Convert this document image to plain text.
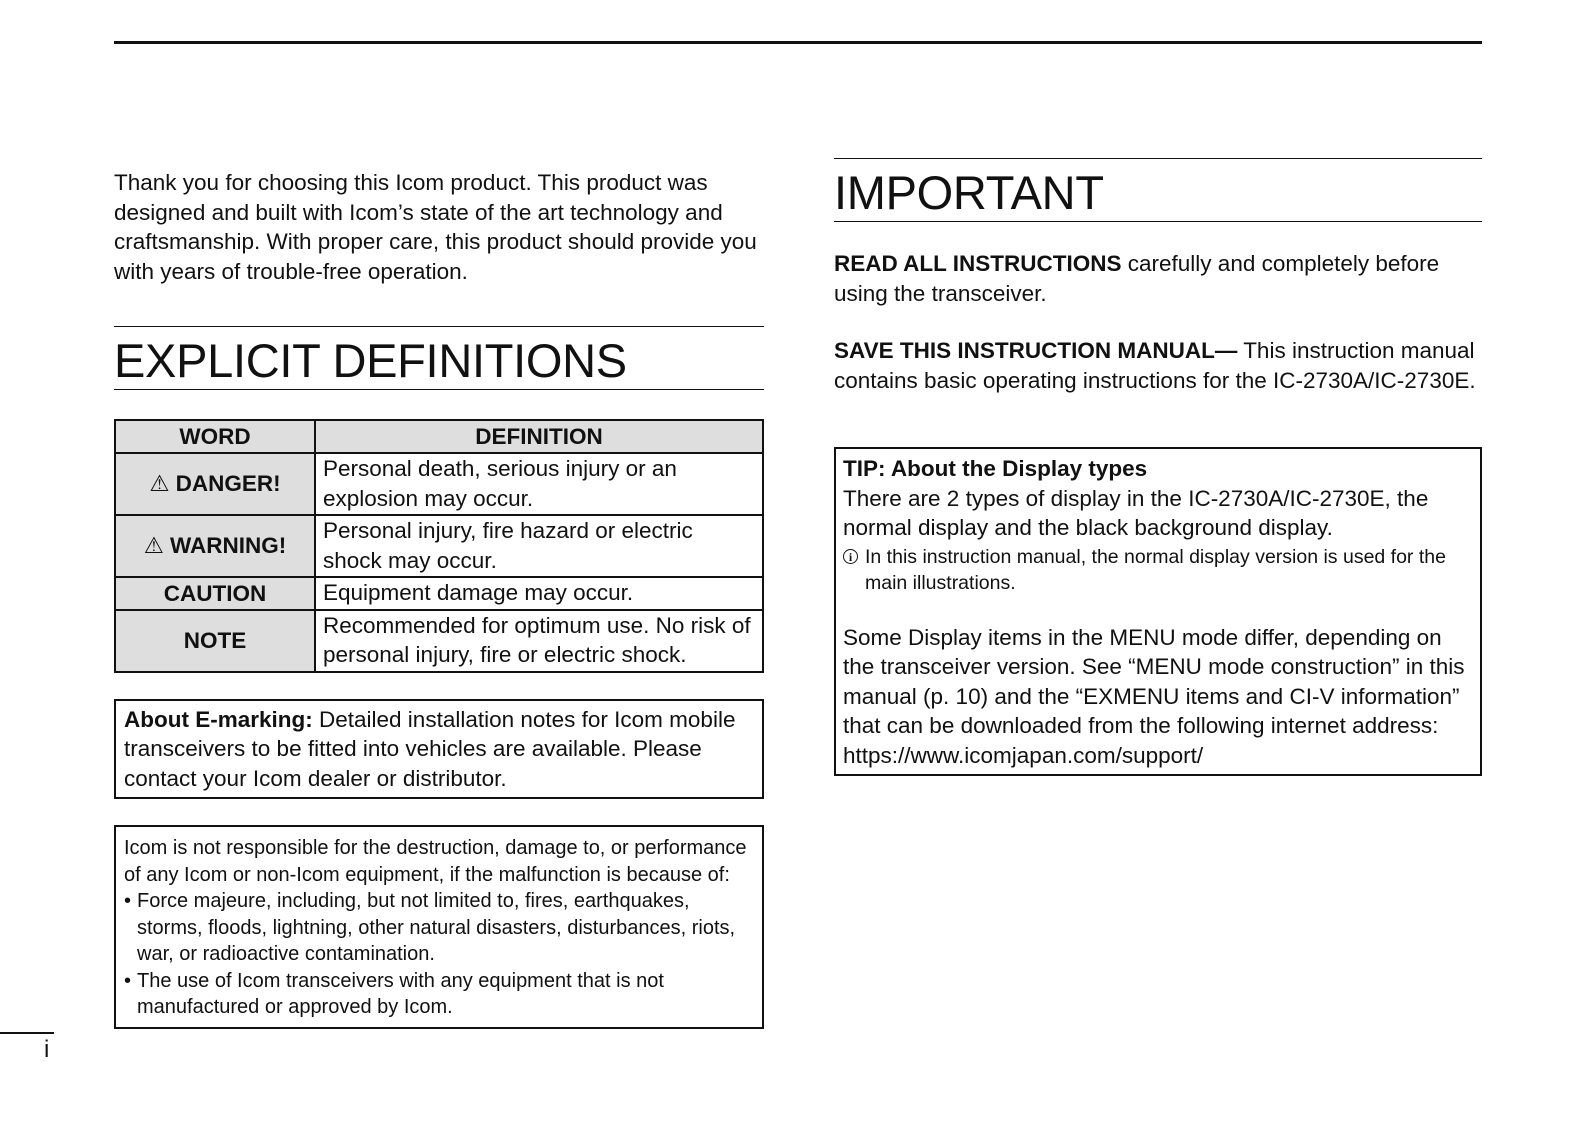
Thank you for choosing this Icom product. This product was designed and built with Icom’s state of the art technology and craftsmanship. With proper care, this product should provide you with years of trouble-free operation.

EXPLICIT DEFINITIONS
WORD	DEFINITION
⚠ DANGER!	Personal death, serious injury or an explosion may occur.
⚠ WARNING!	Personal injury, fire hazard or electric shock may occur.
CAUTION	Equipment damage may occur.
NOTE	Recommended for optimum use. No risk of personal injury, fire or electric shock.
About E-marking: Detailed installation notes for Icom mobile transceivers to be fitted into vehicles are available. Please contact your Icom dealer or distributor.
Icom is not responsible for the destruction, damage to, or performance of any Icom or non-Icom equipment, if the malfunction is because of:
• Force majeure, including, but not limited to, fires, earthquakes, storms, floods, lightning, other natural disasters, disturbances, riots, war, or radioactive contamination.
• The use of Icom transceivers with any equipment that is not manufactured or approved by Icom.
IMPORTANT

READ ALL INSTRUCTIONS carefully and completely before using the transceiver.

SAVE THIS INSTRUCTION MANUAL— This instruction manual contains basic operating instructions for the IC-2730A/IC-2730E.

TIP: About the Display types
There are 2 types of display in the IC-2730A/IC-2730E, the normal display and the black background display.

i In this instruction manual, the normal display version is used for the main illustrations.

Some Display items in the MENU mode differ, depending on the transceiver version. See “MENU mode construction” in this manual (p. 10) and the “EXMENU items and CI-V information” that can be downloaded from the following internet address:
https://www.icomjapan.com/support/
i
